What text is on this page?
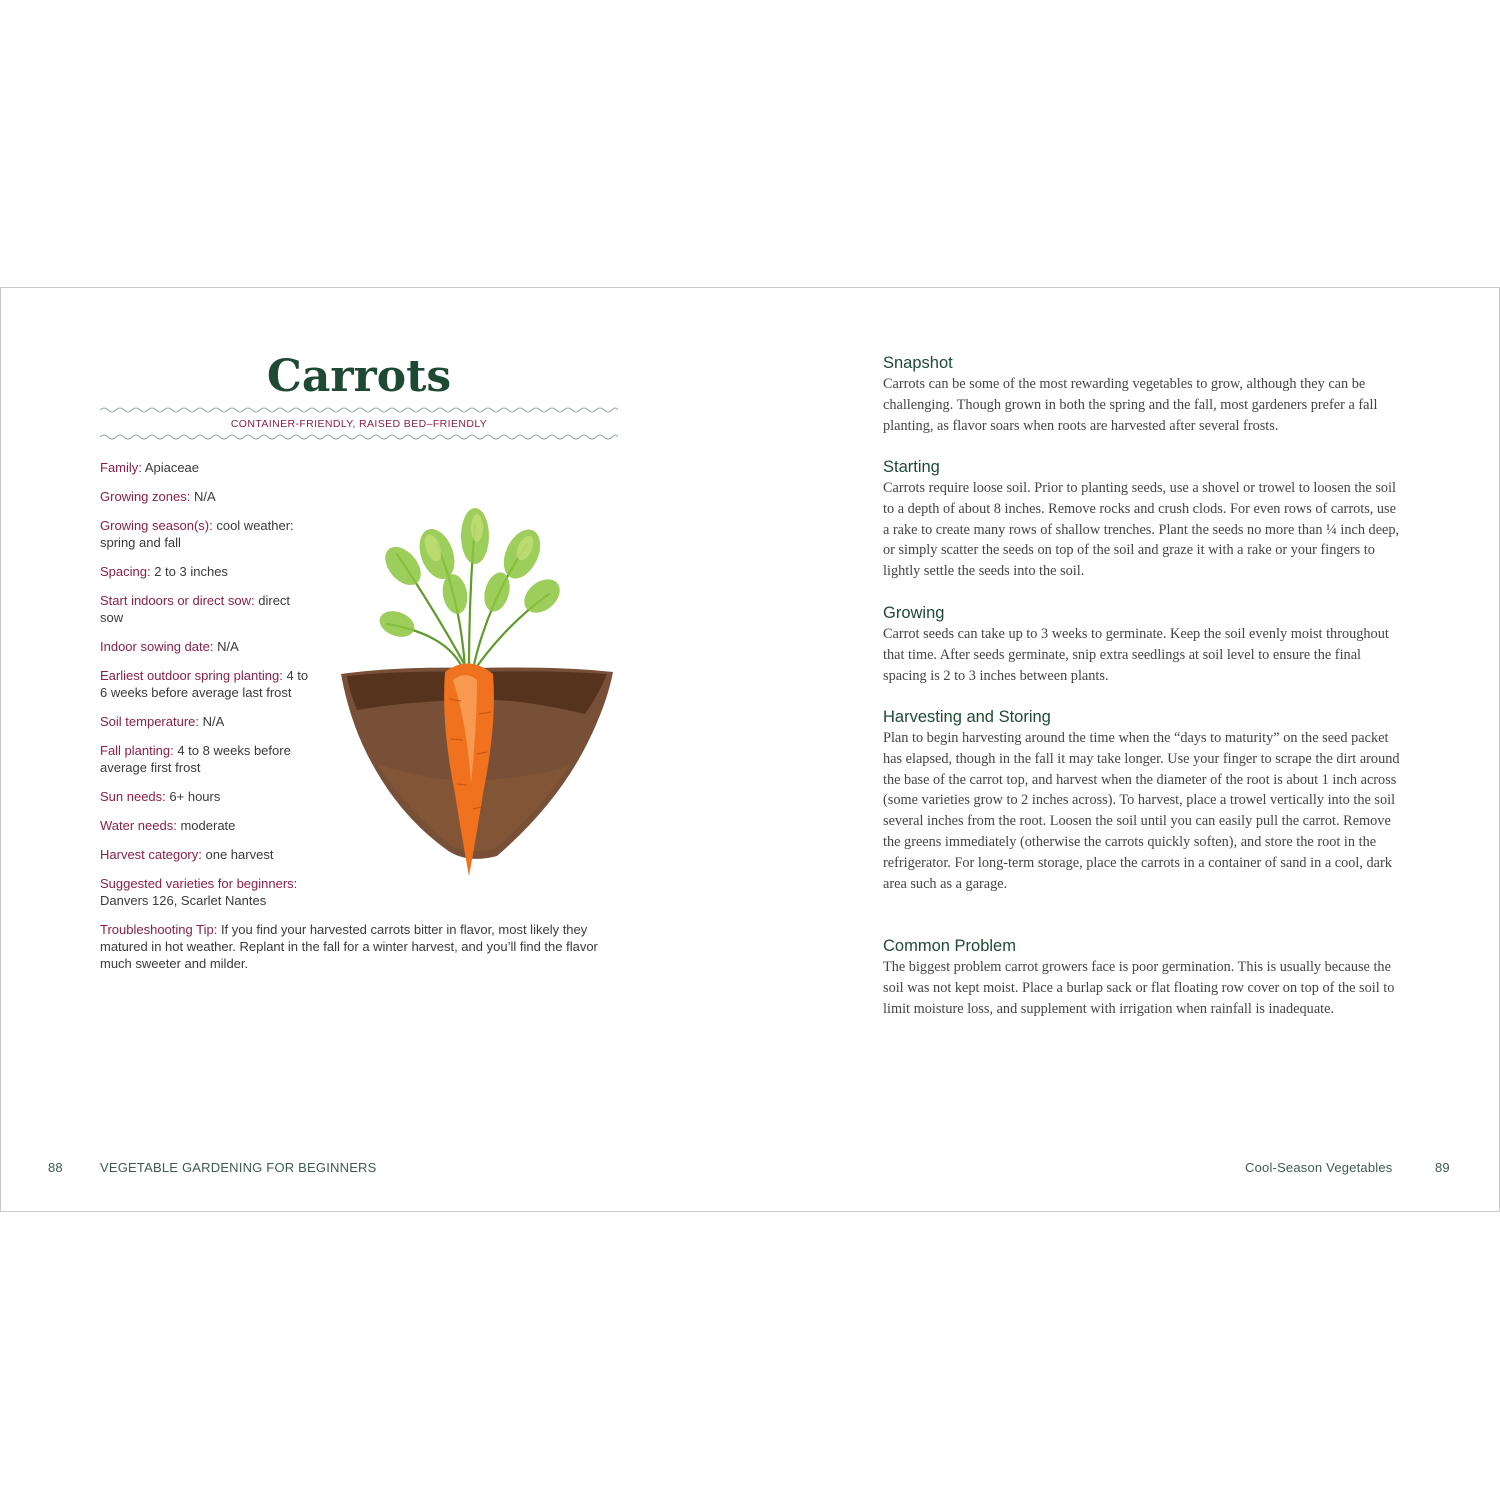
Carrots
CONTAINER-FRIENDLY, RAISED BED–FRIENDLY
Family: Apiaceae
Growing zones: N/A
Growing season(s): cool weather: spring and fall
Spacing: 2 to 3 inches
Start indoors or direct sow: direct sow
Indoor sowing date: N/A
Earliest outdoor spring planting: 4 to 6 weeks before average last frost
Soil temperature: N/A
Fall planting: 4 to 8 weeks before average first frost
Sun needs: 6+ hours
Water needs: moderate
Harvest category: one harvest
Suggested varieties for beginners:
Danvers 126, Scarlet Nantes
Troubleshooting Tip: If you find your harvested carrots bitter in flavor, most likely they matured in hot weather. Replant in the fall for a winter harvest, and you’ll find the flavor much sweeter and milder.
88	VEGETABLE GARDENING FOR BEGINNERS
Snapshot

Carrots can be some of the most rewarding vegetables to grow, although they can be challenging. Though grown in both the spring and the fall, most gardeners prefer a fall planting, as flavor soars when roots are harvested after several frosts.

Starting

Carrots require loose soil. Prior to planting seeds, use a shovel or trowel to loosen the soil to a depth of about 8 inches. Remove rocks and crush clods. For even rows of carrots, use a rake to create many rows of shallow trenches. Plant the seeds no more than ¼ inch deep, or simply scatter the seeds on top of the soil and graze it with a rake or your fingers to lightly settle the seeds into the soil.

Growing

Carrot seeds can take up to 3 weeks to germinate. Keep the soil evenly moist throughout that time. After seeds germinate, snip extra seedlings at soil level to ensure the final spacing is 2 to 3 inches between plants.

Harvesting and Storing

Plan to begin harvesting around the time when the “days to maturity” on the seed packet has elapsed, though in the fall it may take longer. Use your finger to scrape the dirt around the base of the carrot top, and harvest when the diameter of the root is about 1 inch across (some varieties grow to 2 inches across). To harvest, place a trowel vertically into the soil several inches from the root. Loosen the soil until you can easily pull the carrot. Remove the greens immediately (otherwise the carrots quickly soften), and store the root in the refrigerator. For long-term storage, place the carrots in a container of sand in a cool, dark area such as a garage.

Common Problem

The biggest problem carrot growers face is poor germination. This is usually because the soil was not kept moist. Place a burlap sack or flat floating row cover on top of the soil to limit moisture loss, and supplement with irrigation when rainfall is inadequate.

Cool-Season Vegetables	89
